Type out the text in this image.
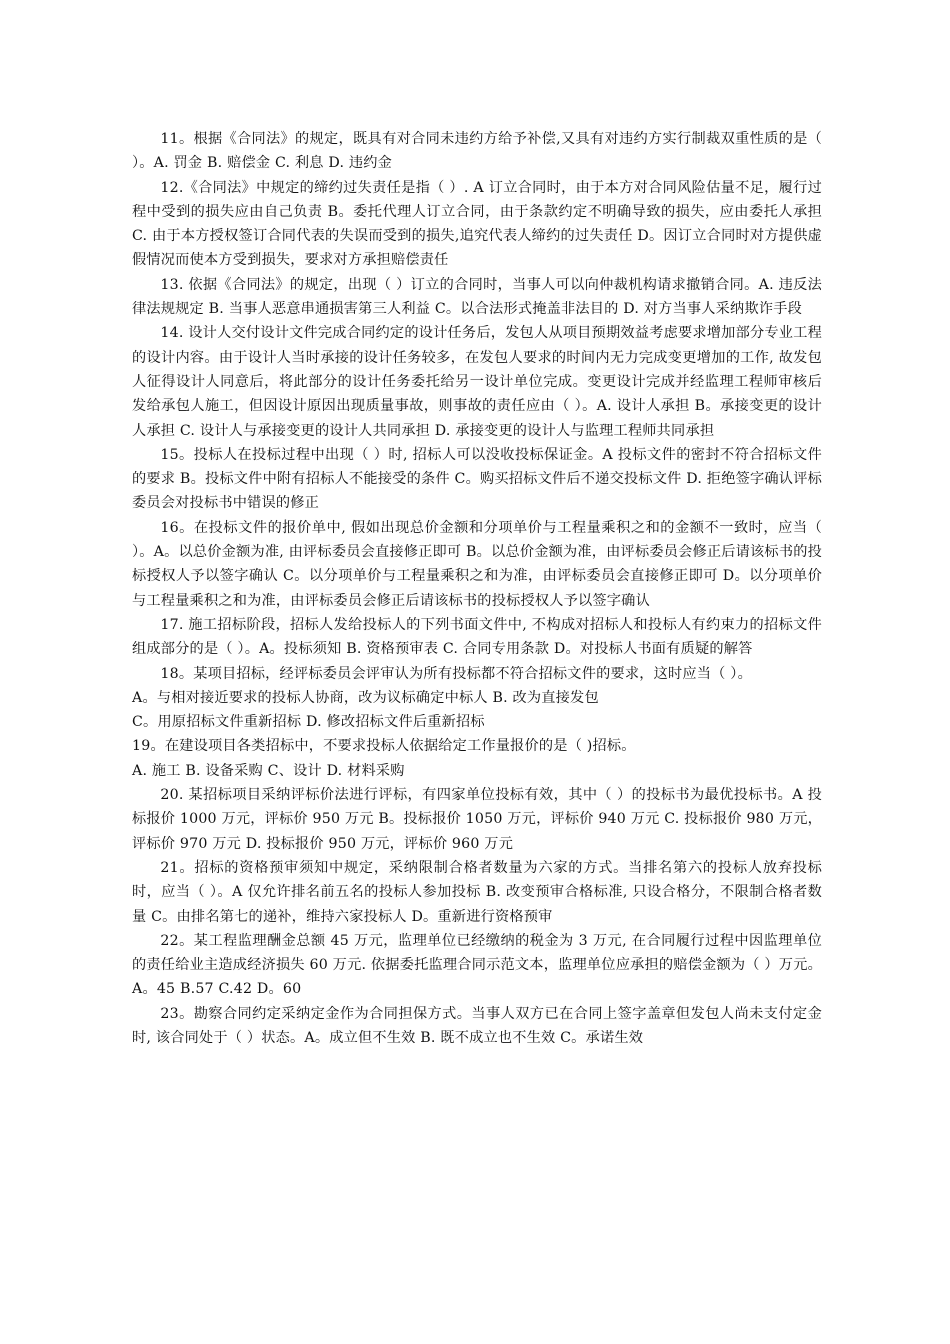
11。根据《合同法》的规定，既具有对合同未违约方给予补偿,又具有对违约方实行制裁双重性质的是（ ）。A. 罚金 B. 赔偿金 C. 利息 D. 违约金

12.《合同法》中规定的缔约过失责任是指（ ）. A 订立合同时，由于本方对合同风险估量不足，履行过程中受到的损失应由自己负责 B。委托代理人订立合同，由于条款约定不明确导致的损失，应由委托人承担 C. 由于本方授权签订合同代表的失误而受到的损失,追究代表人缔约的过失责任 D。因订立合同时对方提供虚假情况而使本方受到损失，要求对方承担赔偿责任

13. 依据《合同法》的规定，出现（ ）订立的合同时，当事人可以向仲裁机构请求撤销合同。A. 违反法律法规规定 B. 当事人恶意串通损害第三人利益 C。以合法形式掩盖非法目的 D. 对方当事人采纳欺诈手段

14. 设计人交付设计文件完成合同约定的设计任务后，发包人从项目预期效益考虑要求增加部分专业工程的设计内容。由于设计人当时承接的设计任务较多，在发包人要求的时间内无力完成变更增加的工作, 故发包人征得设计人同意后，将此部分的设计任务委托给另一设计单位完成。变更设计完成并经监理工程师审核后发给承包人施工，但因设计原因出现质量事故，则事故的责任应由（ ）。A. 设计人承担 B。承接变更的设计人承担 C. 设计人与承接变更的设计人共同承担 D. 承接变更的设计人与监理工程师共同承担

15。投标人在投标过程中出现（ ）时, 招标人可以没收投标保证金。A 投标文件的密封不符合招标文件的要求 B。投标文件中附有招标人不能接受的条件 C。购买招标文件后不递交投标文件 D. 拒绝签字确认评标委员会对投标书中错误的修正

16。在投标文件的报价单中, 假如出现总价金额和分项单价与工程量乘积之和的金额不一致时，应当（ ）。A。以总价金额为准, 由评标委员会直接修正即可 B。以总价金额为准，由评标委员会修正后请该标书的投标授权人予以签字确认 C。以分项单价与工程量乘积之和为准，由评标委员会直接修正即可 D。以分项单价与工程量乘积之和为准，由评标委员会修正后请该标书的投标授权人予以签字确认

17. 施工招标阶段，招标人发给投标人的下列书面文件中, 不构成对招标人和投标人有约束力的招标文件组成部分的是（ ）。A。投标须知 B. 资格预审表 C. 合同专用条款 D。对投标人书面有质疑的解答

18。某项目招标，经评标委员会评审认为所有投标都不符合招标文件的要求，这时应当（ ）。

A。与相对接近要求的投标人协商，改为议标确定中标人 B. 改为直接发包

C。用原招标文件重新招标 D. 修改招标文件后重新招标

19。在建设项目各类招标中，不要求投标人依据给定工作量报价的是（ )招标。

A. 施工 B. 设备采购 C、设计 D. 材料采购

20. 某招标项目采纳评标价法进行评标，有四家单位投标有效，其中（ ）的投标书为最优投标书。A 投标报价 1000 万元，评标价 950 万元 B。投标报价 1050 万元，评标价 940 万元 C. 投标报价 980 万元，评标价 970 万元 D. 投标报价 950 万元，评标价 960 万元

21。招标的资格预审须知中规定，采纳限制合格者数量为六家的方式。当排名第六的投标人放弃投标时，应当（ ）。A 仅允许排名前五名的投标人参加投标 B. 改变预审合格标准, 只设合格分，不限制合格者数量 C。由排名第七的递补，维持六家投标人 D。重新进行资格预审

22。某工程监理酬金总额 45 万元，监理单位已经缴纳的税金为 3 万元, 在合同履行过程中因监理单位的责任给业主造成经济损失 60 万元. 依据委托监理合同示范文本，监理单位应承担的赔偿金额为（ ）万元。A。45 B.57 C.42 D。60

23。勘察合同约定采纳定金作为合同担保方式。当事人双方已在合同上签字盖章但发包人尚未支付定金时, 该合同处于（ ）状态。A。成立但不生效 B. 既不成立也不生效 C。承诺生效
